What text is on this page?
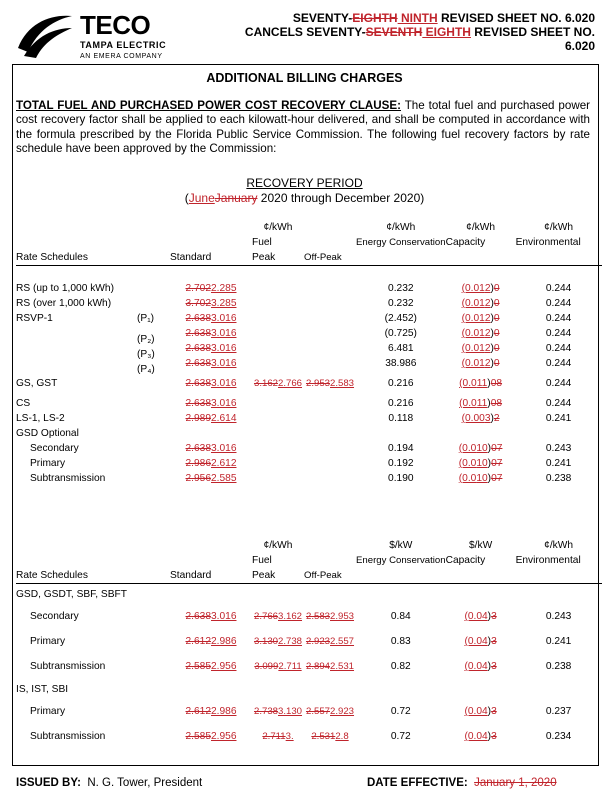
TECO
TAMPA ELECTRIC
AN EMERA COMPANY
SEVENTY-EIGHTH NINTH REVISED SHEET NO. 6.020
CANCELS SEVENTY-SEVENTH EIGHTH REVISED SHEET NO.
6.020
ADDITIONAL BILLING CHARGES
TOTAL FUEL AND PURCHASED POWER COST RECOVERY CLAUSE: The total fuel and purchased power cost recovery factor shall be applied to each kilowatt-hour delivered, and shall be computed in accordance with the formula prescribed by the Florida Public Service Commission. The following fuel recovery factors by rate schedule have been approved by the Commission:
RECOVERY PERIOD
(JuneJanuary 2020 through December 2020)
		¢/kWh		¢/kWh	¢/kWh	¢/kWh
		Fuel		Energy Conservation	Capacity	Environmental
Rate Schedules	Standard	Peak	Off-Peak			

RS (up to 1,000 kWh)	2.7022.285			0.232	(0.012)0	0.244
RS (over 1,000 kWh)	3.7023.285			0.232	(0.012)0	0.244
RSVP-1 (P₁)	2.6383.016			(2.452)	(0.012)0	0.244

(P₂)	2.6383.016			(0.725)	(0.012)0	0.244

(P₃)	2.6383.016			6.481	(0.012)0	0.244

(P₄)	2.6383.016			38.986	(0.012)0	0.244
GS, GST	2.6383.016	3.1622.766	2.9532.583	0.216	(0.011)08	0.244
CS	2.6383.016			0.216	(0.011)08	0.244
LS-1, LS-2	2.9892.614			0.118	(0.003)2	0.241
GSD Optional						
Secondary	2.6383.016			0.194	(0.010)07	0.243
Primary	2.9862.612			0.192	(0.010)07	0.241
Subtransmission	2.9562.585			0.190	(0.010)07	0.238
		¢/kWh		$/kW	$/kW	¢/kWh
		Fuel		Energy Conservation	Capacity	Environmental
Rate Schedules	Standard	Peak	Off-Peak			
GSD, GSDT, SBF, SBFT						
Secondary	2.6383.016	2.7663.162	2.5832.953	0.84	(0.04)3	0.243
Primary	2.6122.986	3.1302.738	2.9232.557	0.83	(0.04)3	0.241
Subtransmission	2.5852.956	3.0992.711	2.8942.531	0.82	(0.04)3	0.238
IS, IST, SBI						
Primary	2.6122.986	2.7383.130	2.5572.923	0.72	(0.04)3	0.237
Subtransmission	2.5852.956	2.7113.	2.5312.8	0.72	(0.04)3	0.234
ISSUED BY: N. G. Tower, President	DATE EFFECTIVE: January 1, 2020
